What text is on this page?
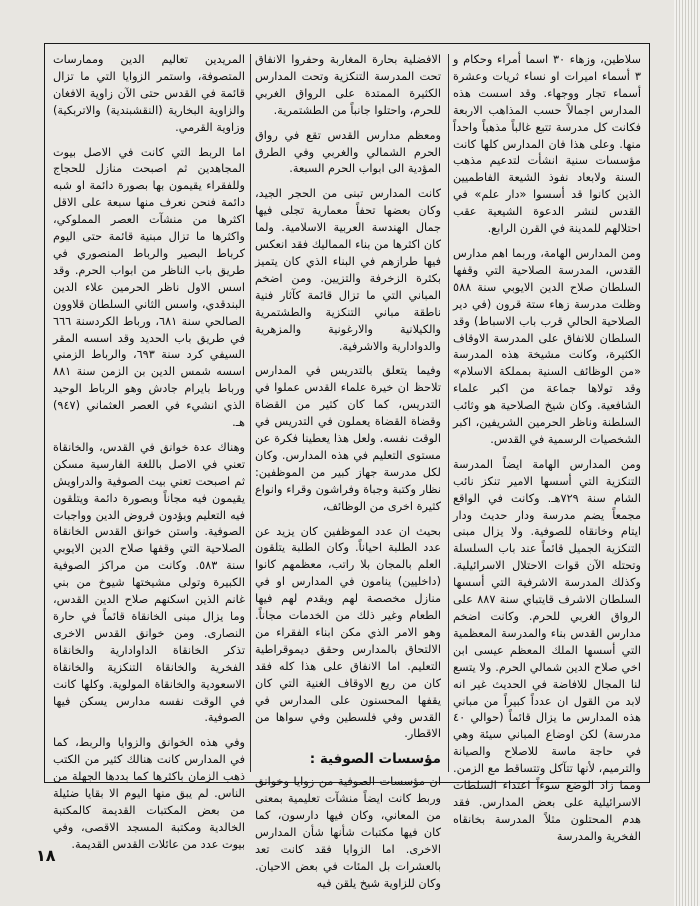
سلاطين، وزهاء ٣٠ اسما أمراء وحكام و ٣ أسماء اميرات او نساء ثريات وعشرة أسماء تجار ووجهاء. وقد اسست هذه المدارس اجمالاً حسب المذاهب الاربعة فكانت كل مدرسة تتبع غالباً مذهباً واحداً منها. وعلى هذا فان المدارس كلها كانت مؤسسات سنية انشأت لتدعيم مذهب السنة ولابعاد نفوذ الشيعة الفاطميين الذين كانوا قد أسسوا «دار علم» في القدس لنشر الدعوة الشيعية عقب احتلالهم للمدينة في القرن الرابع.

ومن المدارس الهامة، وربما اهم مدارس القدس، المدرسة الصلاحية التي وقفها السلطان صلاح الدين الايوبي سنة ٥٨٨ وظلت مدرسة زهاء ستة قرون (في دير الصلاحية الحالي قرب باب الاسباط) وقد السلطان للانفاق على المدرسة الاوقاف الكثيرة، وكانت مشيخة هذه المدرسة «من الوظائف السنية بمملكة الاسلام» وقد تولاها جماعة من اكبر علماء الشافعية. وكان شيخ الصلاحية هو وثائب السلطنة وناظر الحرمين الشريفين، اكبر الشخصيات الرسمية في القدس.

ومن المدارس الهامة ايضاً المدرسة التنكزية التي أسسها الامير تنكز نائب الشام سنة ٧٢٩هـ. وكانت في الواقع مجمعاً يضم مدرسة ودار حديث ودار ايتام وخانقاه للصوفية. ولا يزال مبنى التنكزية الجميل قائماً عند باب السلسلة وتحتله الآن قوات الاحتلال الاسرائيلية. وكذلك المدرسة الاشرفية التي أسسها السلطان الاشرف قايتباي سنة ٨٨٧ على الرواق الغربي للحرم. وكانت اضخم مدارس القدس بناء والمدرسة المعظمية التي أسسها الملك المعظم عيسى ابن اخي صلاح الدين شمالي الحرم. ولا يتسع لنا المجال للافاضة في الحديث غير انه لابد من القول ان عدداً كبيراً من مباني هذه المدارس ما يزال قائماً (حوالي ٤٠ مدرسة) لكن اوضاع المباني سيئة وهي في حاجة ماسة للاصلاح والصيانة والترميم، لأنها تتآكل وتتساقط مع الزمن. ومما زاد الوضع سوءاً اعتداء السلطات الاسرائيلية على بعض المدارس. فقد هدم المحتلون مثلاً المدرسة بخانقاه الفخرية والمدرسة

الافضلية بحارة المغاربة وحفروا الانفاق تحت المدرسة التنكزية وتحت المدارس الكثيرة الممتدة على الرواق الغربي للحرم، واحتلوا جانباً من الطشتمرية.

ومعظم مدارس القدس تقع في رواق الحرم الشمالي والغربي وفي الطرق المؤدية الى ابواب الحرم السبعة.

كانت المدارس تبنى من الحجر الجيد، وكان بعضها تحفاً معمارية تجلى فيها جمال الهندسة العربية الاسلامية. ولما كان اكثرها من بناء المماليك فقد انعكس فيها طرازهم في البناء الذي كان يتميز بكثرة الزخرفة والتزيين. ومن اضخم المباني التي ما تزال قائمة كآثار فنية ناطقة مباني التنكزية والطشتمرية والكيلانية والارغونية والمزهرية والدوادارية والاشرفية.

وفيما يتعلق بالتدريس في المدارس تلاحظ ان خيرة علماء القدس عملوا في التدريس، كما كان كثير من القضاة وقضاة القضاة يعملون في التدريس في الوقت نفسه. ولعل هذا يعطينا فكرة عن مستوى التعليم في هذه المدارس. وكان لكل مدرسة جهاز كبير من الموظفين: نظار وكتبة وجباة وفراشون وقراء وانواع كثيرة اخرى من الوظائف،

بحيث ان عدد الموظفين كان يزيد عن عدد الطلبة احياناً. وكان الطلبة يتلقون العلم بالمجان بلا راتب، معظمهم كانوا (داخليين) ينامون في المدارس او في منازل مخصصة لهم ويقدم لهم فيها الطعام وغير ذلك من الخدمات مجاناً. وهو الامر الذي مكن ابناء الفقراء من الالتحاق بالمدارس وحقق ديموقراطية التعليم. اما الانفاق على هذا كله فقد كان من ريع الاوقاف الغنية التي كان يقفها المحسنون على المدارس في القدس وفي فلسطين وفي سواها من الاقطار.

مؤسسات الصوفية :

ان مؤسسات الصوفية من زوايا وخوانق وربط كانت ايضاً منشآت تعليمية بمعنى من المعاني، وكان فيها دارسون، كما كان فيها مكتبات شأنها شأن المدارس الاخرى. اما الزوايا فقد كانت تعد بالعشرات بل المئات في بعض الاحيان. وكان للزاوية شيخ يلقن فيه

المريدين تعاليم الدين وممارسات المتصوفة، واستمر الزوايا التي ما تزال قائمة في القدس حتى الآن زاوية الافغان والزاوية البخارية (النقشبندية) والاتربكية) وزاوية القرمي.

اما الربط التي كانت في الاصل بيوت المجاهدين ثم اصبحت منازل للحجاج وللفقراء يقيمون بها بصورة دائمة او شبه دائمة فنحن نعرف منها سبعة على الاقل اكثرها من منشآت العصر المملوكي، واكثرها ما تزال مبنية قائمة حتى اليوم كرباط البصير والرباط المنصوري في طريق باب الناظر من ابواب الحرم. وقد اسس الاول ناظر الحرمين علاء الدين البندقدي، واسس الثاني السلطان قلاوون الصالحي سنة ٦٨١، ورباط الكردسنة ٦٦٦ في طريق باب الحديد وقد اسسه المقر السيفي كرد سنة ٦٩٣، والرباط الزمني اسسه شمس الدين بن الزمن سنة ٨٨١ ورباط بايرام جادش وهو الرباط الوحيد الذي انشيء في العصر العثماني (٩٤٧) هـ.

وهناك عدة خوانق في القدس، والخانقاة تعني في الاصل باللغة الفارسية مسكن ثم اصبحت تعني بيت الصوفية والدراويش يقيمون فيه مجاناً وبصورة دائمة ويتلقون فيه التعليم ويؤدون فروض الدين وواجبات الصوفية. واستن خوانق القدس الخانقاة الصلاحية التي وقفها صلاح الدين الايوبي سنة ٥٨٣. وكانت من مراكز الصوفية الكبيرة وتولى مشيختها شيوخ من بني غانم الذين اسكنهم صلاح الدين القدس، وما يزال مبنى الخانقاة قائماً في حارة النصارى. ومن خوانق القدس الاخرى تذكر الخانقاة الداوادارية والخانقاة الفخرية والخانقاة التنكزية والخانقاة الاسعودية والخانقاة المولوية. وكلها كانت في الوقت نفسه مدارس يسكن فيها الصوفية.

وفي هذه الخوانق والزوايا والربط، كما في المدارس كانت هنالك كثير من الكتب ذهب الزمان باكثرها كما بددها الجهلة من الناس. لم يبق منها اليوم الا بقايا ضئيلة من بعض المكتبات القديمة كالمكتبة الخالدية ومكتبة المسجد الاقصى، وفي بيوت عدد من عائلات القدس القديمة.

١٨
